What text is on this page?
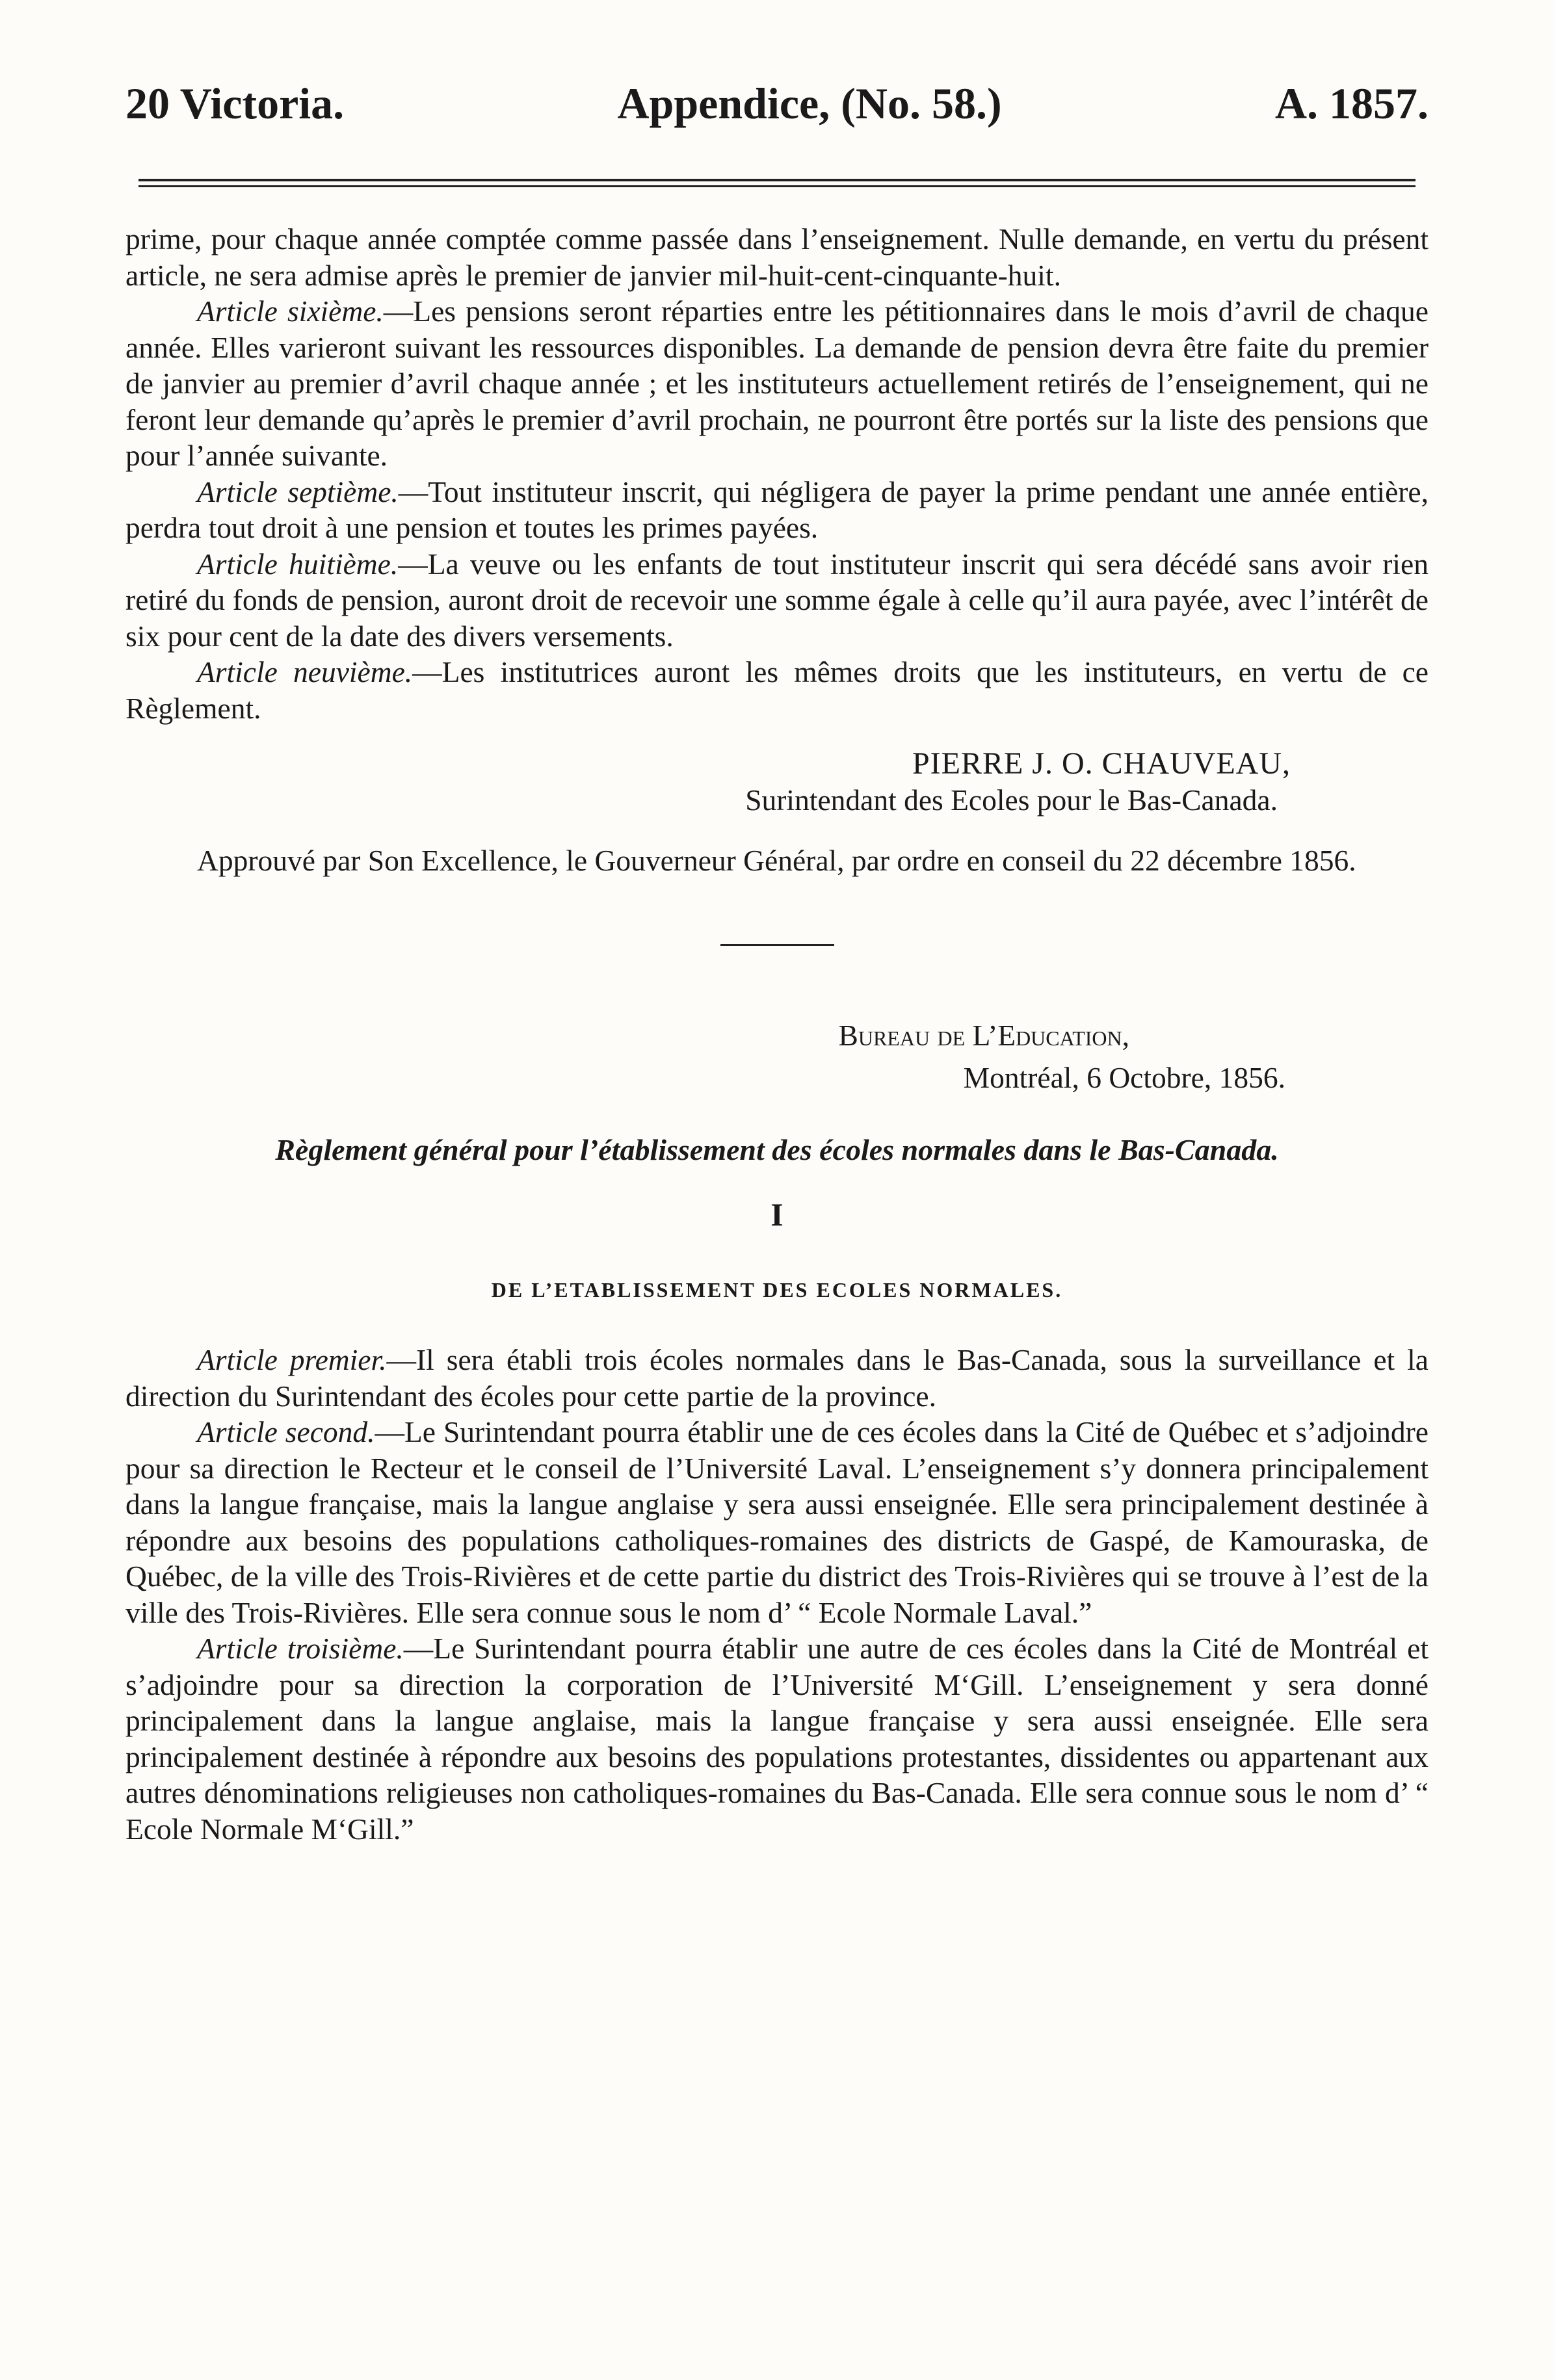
20 Victoria.	Appendice, (No. 58.)	A. 1857.

prime, pour chaque année comptée comme passée dans l’enseignement. Nulle demande, en vertu du présent article, ne sera admise après le premier de janvier mil-huit-cent-cinquante-huit.

Article sixième.—Les pensions seront réparties entre les pétitionnaires dans le mois d’avril de chaque année. Elles varieront suivant les ressources disponibles. La demande de pension devra être faite du premier de janvier au premier d’avril chaque année ; et les instituteurs actuellement retirés de l’enseignement, qui ne feront leur demande qu’après le premier d’avril prochain, ne pourront être portés sur la liste des pensions que pour l’année suivante.

Article septième.—Tout instituteur inscrit, qui négligera de payer la prime pendant une année entière, perdra tout droit à une pension et toutes les primes payées.

Article huitième.—La veuve ou les enfants de tout instituteur inscrit qui sera décédé sans avoir rien retiré du fonds de pension, auront droit de recevoir une somme égale à celle qu’il aura payée, avec l’intérêt de six pour cent de la date des divers versements.

Article neuvième.—Les institutrices auront les mêmes droits que les instituteurs, en vertu de ce Règlement.

PIERRE J. O. CHAUVEAU,
Surintendant des Ecoles pour le Bas-Canada.

Approuvé par Son Excellence, le Gouverneur Général, par ordre en conseil du 22 décembre 1856.

Bureau de L’Education,
Montréal, 6 Octobre, 1856.
Règlement général pour l’établissement des écoles normales dans le Bas-Canada.
I
DE L’ETABLISSEMENT DES ECOLES NORMALES.

Article premier.—Il sera établi trois écoles normales dans le Bas-Canada, sous la surveillance et la direction du Surintendant des écoles pour cette partie de la province.

Article second.—Le Surintendant pourra établir une de ces écoles dans la Cité de Québec et s’adjoindre pour sa direction le Recteur et le conseil de l’Université Laval. L’enseignement s’y donnera principalement dans la langue française, mais la langue anglaise y sera aussi enseignée. Elle sera principalement destinée à répondre aux besoins des populations catholiques-romaines des districts de Gaspé, de Kamouraska, de Québec, de la ville des Trois-Rivières et de cette partie du district des Trois-Rivières qui se trouve à l’est de la ville des Trois-Rivières. Elle sera connue sous le nom d’ “ Ecole Normale Laval.”

Article troisième.—Le Surintendant pourra établir une autre de ces écoles dans la Cité de Montréal et s’adjoindre pour sa direction la corporation de l’Université M‘Gill. L’enseignement y sera donné principalement dans la langue anglaise, mais la langue française y sera aussi enseignée. Elle sera principalement destinée à répondre aux besoins des populations protestantes, dissidentes ou appartenant aux autres dénominations religieuses non catholiques-romaines du Bas-Canada. Elle sera connue sous le nom d’ “ Ecole Normale M‘Gill.”
